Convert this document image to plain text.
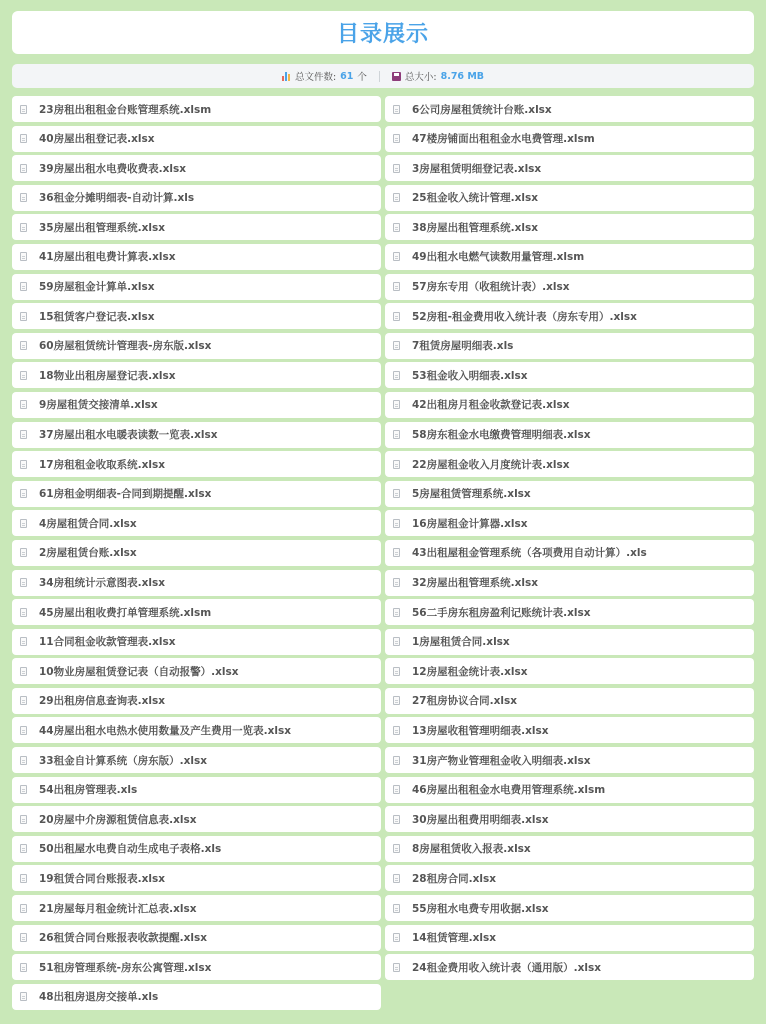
目录展示
总文件数: 61 个	总大小: 8.76 MB
23房租出租租金台账管理系统.xlsm	6公司房屋租赁统计台账.xlsx
40房屋出租登记表.xlsx	47楼房铺面出租租金水电费管理.xlsm
39房屋出租水电费收费表.xlsx	3房屋租赁明细登记表.xlsx
36租金分摊明细表-自动计算.xls	25租金收入统计管理.xlsx
35房屋出租管理系统.xlsx	38房屋出租管理系统.xlsx
41房屋出租电费计算表.xlsx	49出租水电燃气读数用量管理.xlsm
59房屋租金计算单.xlsx	57房东专用（收租统计表）.xlsx
15租赁客户登记表.xlsx	52房租-租金费用收入统计表（房东专用）.xlsx
60房屋租赁统计管理表-房东版.xlsx	7租赁房屋明细表.xls
18物业出租房屋登记表.xlsx	53租金收入明细表.xlsx
9房屋租赁交接清单.xlsx	42出租房月租金收款登记表.xlsx
37房屋出租水电暖表读数一览表.xlsx	58房东租金水电缴费管理明细表.xlsx
17房租租金收取系统.xlsx	22房屋租金收入月度统计表.xlsx
61房租金明细表-合同到期提醒.xlsx	5房屋租赁管理系统.xlsx
4房屋租赁合同.xlsx	16房屋租金计算器.xlsx
2房屋租赁台账.xlsx	43出租屋租金管理系统（各项费用自动计算）.xls
34房租统计示意图表.xlsx	32房屋出租管理系统.xlsx
45房屋出租收费打单管理系统.xlsm	56二手房东租房盈利记账统计表.xlsx
11合同租金收款管理表.xlsx	1房屋租赁合同.xlsx
10物业房屋租赁登记表（自动报警）.xlsx	12房屋租金统计表.xlsx
29出租房信息查询表.xlsx	27租房协议合同.xlsx
44房屋出租水电热水使用数量及产生费用一览表.xlsx	13房屋收租管理明细表.xlsx
33租金自计算系统（房东版）.xlsx	31房产物业管理租金收入明细表.xlsx
54出租房管理表.xls	46房屋出租租金水电费用管理系统.xlsm
20房屋中介房源租赁信息表.xlsx	30房屋出租费用明细表.xlsx
50出租屋水电费自动生成电子表格.xls	8房屋租赁收入报表.xlsx
19租赁合同台账报表.xlsx	28租房合同.xlsx
21房屋每月租金统计汇总表.xlsx	55房租水电费专用收据.xlsx
26租赁合同台账报表收款提醒.xlsx	14租赁管理.xlsx
51租房管理系统-房东公寓管理.xlsx	24租金费用收入统计表（通用版）.xlsx
48出租房退房交接单.xls
